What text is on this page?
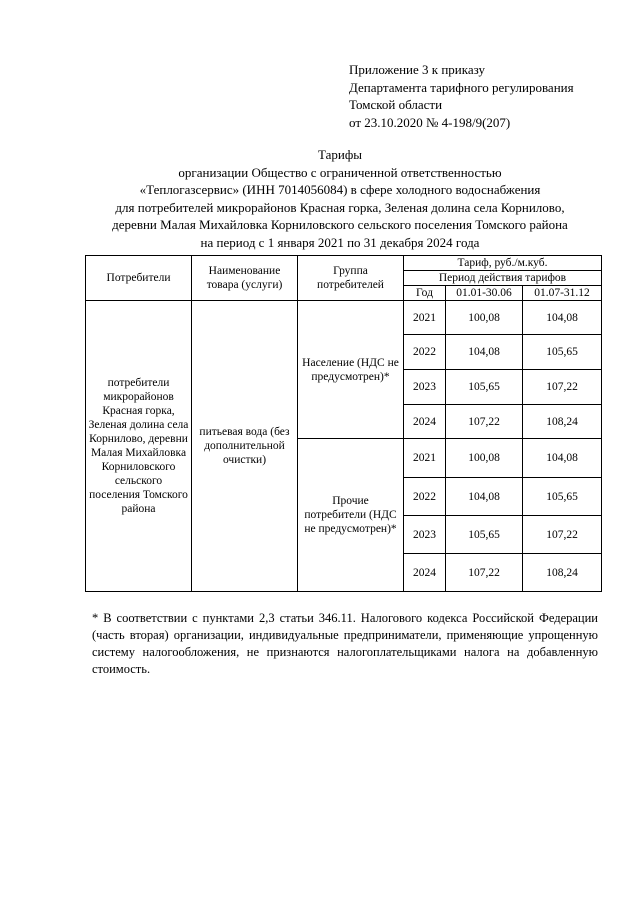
Приложение 3 к приказу
Департамента тарифного регулирования
Томской области
от 23.10.2020 № 4-198/9(207)
Тарифы
организации Общество с ограниченной ответственностью
«Теплогазсервис» (ИНН 7014056084) в сфере холодного водоснабжения
для потребителей микрорайонов Красная горка, Зеленая долина села Корнилово,
деревни Малая Михайловка Корниловского сельского поселения Томского района
на период с 1 января 2021 по 31 декабря 2024 года
Потребители	Наименование товара (услуги)	Группа потребителей	Тариф, руб./м.куб.		
			Период действия тарифов		
			Год	01.01-30.06	01.07-31.12
потребители микрорайонов Красная горка, Зеленая долина села Корнилово, деревни Малая Михайловка Корниловского сельского поселения Томского района	питьевая вода (без дополнительной очистки)	Население (НДС не предусмотрен)*	2021	100,08	104,08
			2022	104,08	105,65
			2023	105,65	107,22
			2024	107,22	108,24
		Прочие потребители (НДС не предусмотрен)*	2021	100,08	104,08
			2022	104,08	105,65
			2023	105,65	107,22
			2024	107,22	108,24
* В соответствии с пунктами 2,3 статьи 346.11. Налогового кодекса Российской Федерации (часть вторая) организации, индивидуальные предприниматели, применяющие упрощенную систему налогообложения, не признаются налогоплательщиками налога на добавленную стоимость.
